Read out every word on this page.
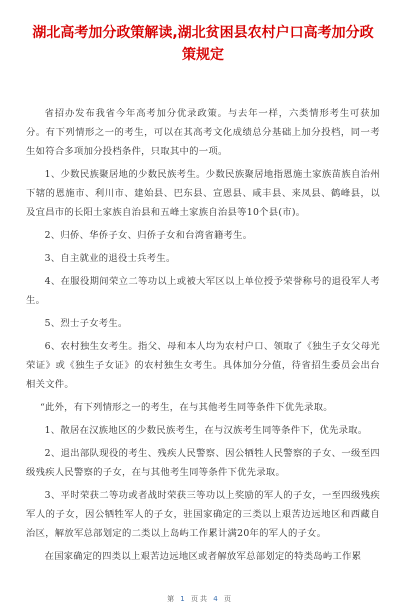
湖北高考加分政策解读,湖北贫困县农村户口高考加分政策规定

省招办发布我省今年高考加分优录政策。与去年一样，六类情形考生可获加分。有下列情形之一的考生，可以在其高考文化成绩总分基础上加分投档，同一考生如符合多项加分投档条件，只取其中的一项。

1、少数民族聚居地的少数民族考生。少数民族聚居地指恩施土家族苗族自治州下辖的恩施市、利川市、建始县、巴东县、宣恩县、咸丰县、来凤县、鹤峰县，以及宜昌市的长阳土家族自治县和五峰土家族自治县等10个县(市)。

2、归侨、华侨子女、归侨子女和台湾省籍考生。

3、自主就业的退役士兵考生。

4、在服役期间荣立二等功以上或被大军区以上单位授予荣誉称号的退役军人考生。

5、烈士子女考生。

6、农村独生女考生。指父、母和本人均为农村户口、领取了《独生子女父母光荣证》或《独生子女证》的农村独生女考生。具体加分分值，待省招生委员会出台相关文件。

“此外，有下列情形之一的考生，在与其他考生同等条件下优先录取。

1、散居在汉族地区的少数民族考生，在与汉族考生同等条件下，优先录取。

2、退出部队现役的考生、残疾人民警察、因公牺牲人民警察的子女、一级至四级残疾人民警察的子女，在与其他考生同等条件下优先录取。

3、平时荣获二等功或者战时荣获三等功以上奖励的军人的子女，一至四级残疾军人的子女，因公牺牲军人的子女，驻国家确定的三类以上艰苦边远地区和西藏自治区，解放军总部划定的二类以上岛屿工作累计满20年的军人的子女。

在国家确定的四类以上艰苦边远地区或者解放军总部划定的特类岛屿工作累

第 1 页共 4 页
